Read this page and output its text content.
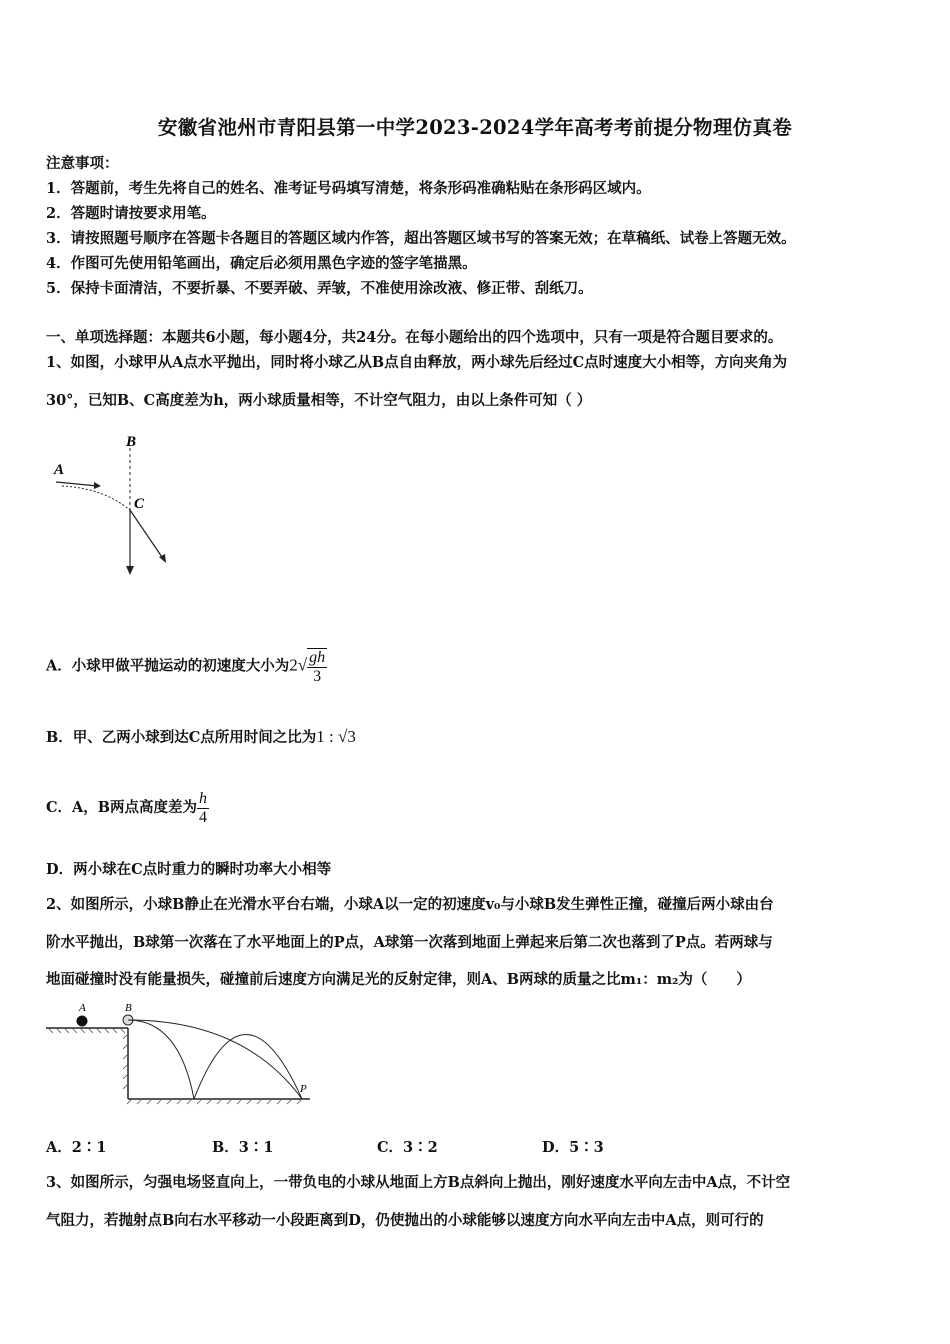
安徽省池州市青阳县第一中学2023-2024学年高考考前提分物理仿真卷
注意事项：
1．答题前，考生先将自己的姓名、准考证号码填写清楚，将条形码准确粘贴在条形码区域内。
2．答题时请按要求用笔。
3．请按照题号顺序在答题卡各题目的答题区域内作答，超出答题区域书写的答案无效；在草稿纸、试卷上答题无效。
4．作图可先使用铅笔画出，确定后必须用黑色字迹的签字笔描黑。
5．保持卡面清洁，不要折暴、不要弄破、弄皱，不准使用涂改液、修正带、刮纸刀。
一、单项选择题：本题共6小题，每小题4分，共24分。在每小题给出的四个选项中，只有一项是符合题目要求的。
1、如图，小球甲从A点水平抛出，同时将小球乙从B点自由释放，两小球先后经过C点时速度大小相等，方向夹角为
30°，已知B、C高度差为h，两小球质量相等，不计空气阻力，由以上条件可知（ ）
B
A
C
A．小球甲做平抛运动的初速度大小为$2√ \frac{gh}{3}$
B．甲、乙两小球到达C点所用时间之比为1 : √3
C．A，B两点高度差为 $\frac{h}{4}$
D．两小球在C点时重力的瞬时功率大小相等
2、如图所示，小球B静止在光滑水平台右端，小球A以一定的初速度v₀与小球B发生弹性正撞，碰撞后两小球由台
阶水平抛出，B球第一次落在了水平地面上的P点，A球第一次落到地面上弹起来后第二次也落到了P点。若两球与
地面碰撞时没有能量损失，碰撞前后速度方向满足光的反射定律，则A、B两球的质量之比m₁：m₂为（　　）
A	B
P
A．2∶1	B．3∶1	C．3∶2	D．5∶3
3、如图所示，匀强电场竖直向上，一带负电的小球从地面上方B点斜向上抛出，刚好速度水平向左击中A点，不计空
气阻力，若抛射点B向右水平移动一小段距离到D，仍使抛出的小球能够以速度方向水平向左击中A点，则可行的
